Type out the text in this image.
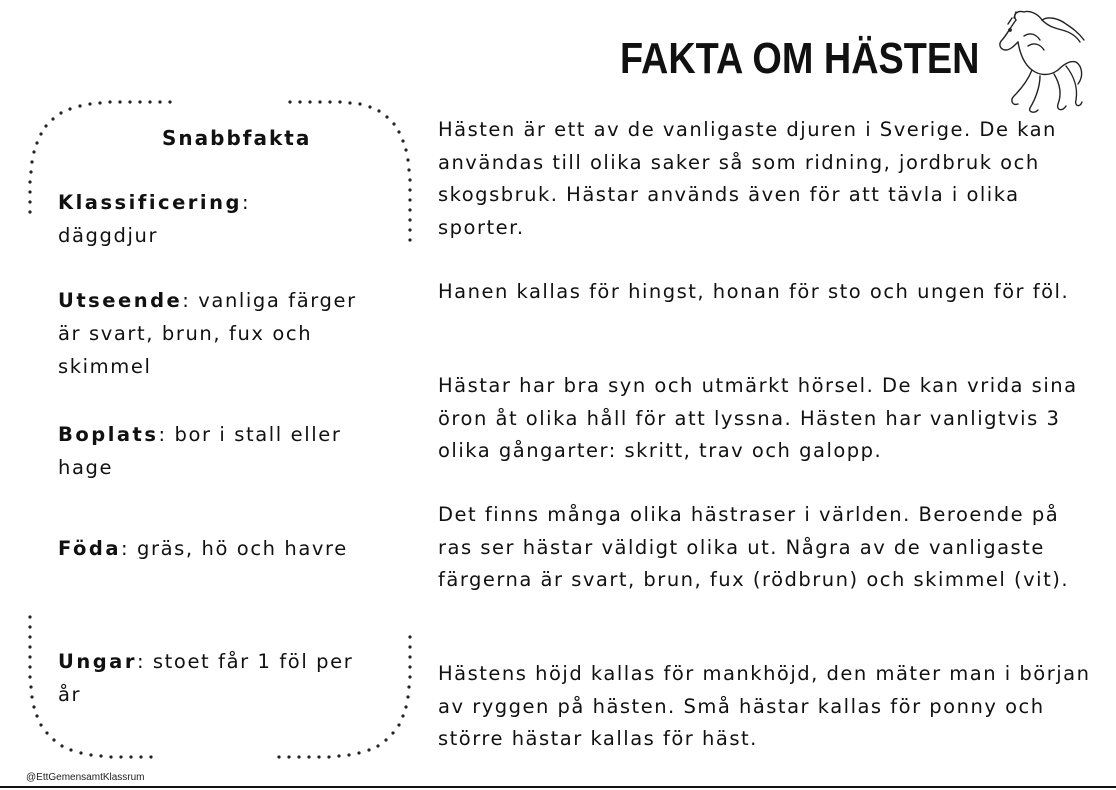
FAKTA OM HÄSTEN
Snabbfakta
Klassificering:
däggdjur
Utseende: vanliga färger är svart, brun, fux och skimmel
Boplats: bor i stall eller hage
Föda: gräs, hö och havre
Ungar: stoet får 1 föl per år

Hästen är ett av de vanligaste djuren i Sverige. De kan användas till olika saker så som ridning, jordbruk och skogsbruk. Hästar används även för att tävla i olika sporter.

Hanen kallas för hingst, honan för sto och ungen för föl.

Hästar har bra syn och utmärkt hörsel. De kan vrida sina öron åt olika håll för att lyssna. Hästen har vanligtvis 3 olika gångarter: skritt, trav och galopp.

Det finns många olika hästraser i världen. Beroende på ras ser hästar väldigt olika ut. Några av de vanligaste färgerna är svart, brun, fux (rödbrun) och skimmel (vit).

Hästens höjd kallas för mankhöjd, den mäter man i början av ryggen på hästen. Små hästar kallas för ponny och större hästar kallas för häst.

@EttGemensamtKlassrum
